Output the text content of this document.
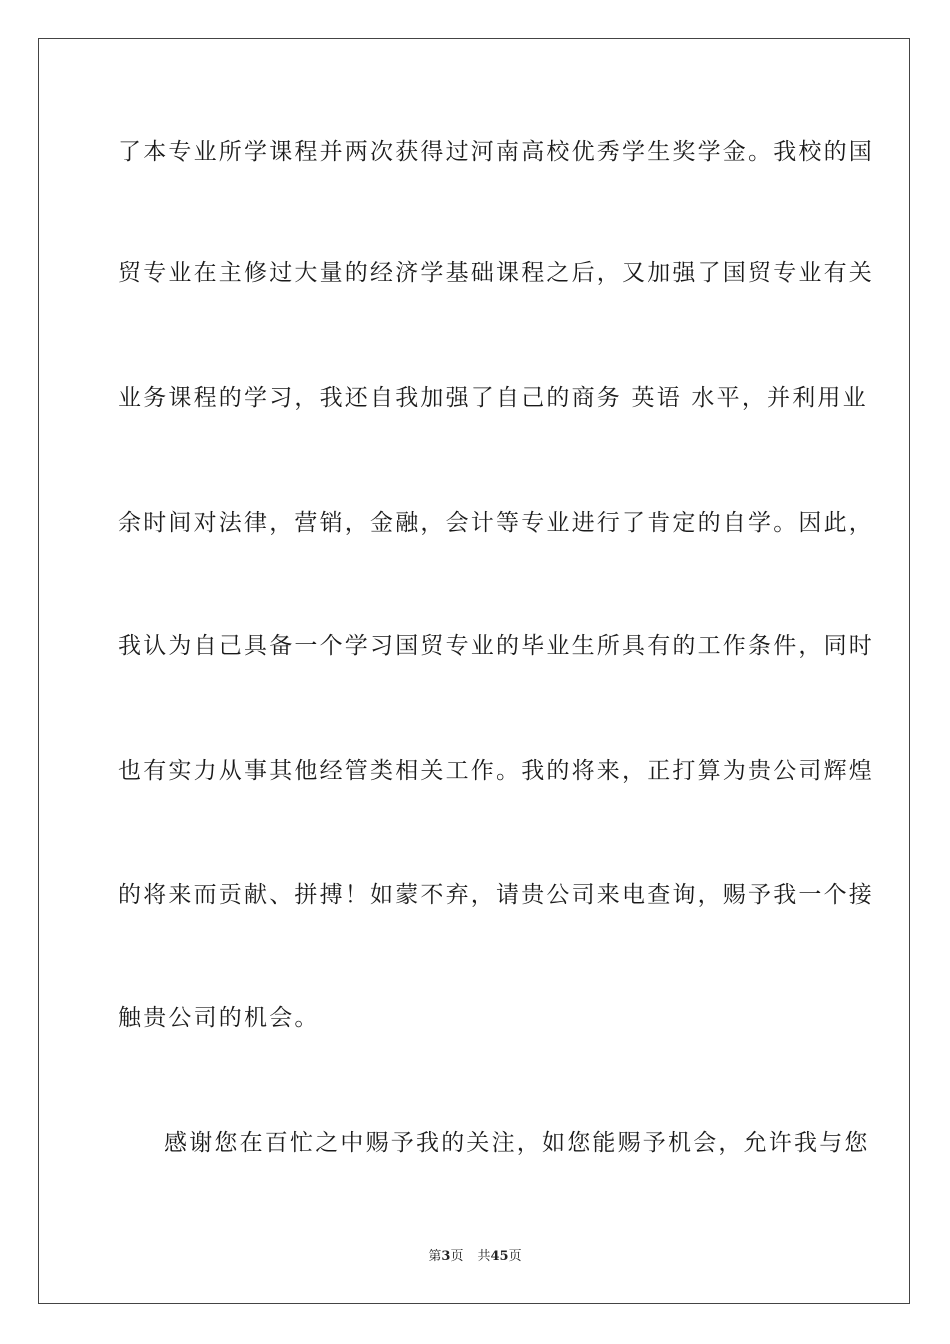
了本专业所学课程并两次获得过河南高校优秀学生奖学金。我校的国
贸专业在主修过大量的经济学基础课程之后，又加强了国贸专业有关
业务课程的学习，我还自我加强了自己的商务 英语 水平，并利用业
余时间对法律，营销，金融，会计等专业进行了肯定的自学。因此，
我认为自己具备一个学习国贸专业的毕业生所具有的工作条件，同时
也有实力从事其他经管类相关工作。我的将来，正打算为贵公司辉煌
的将来而贡献、拼搏！如蒙不弃，请贵公司来电查询，赐予我一个接
触贵公司的机会。
感谢您在百忙之中赐予我的关注，如您能赐予机会，允许我与您
第3页 共45页
